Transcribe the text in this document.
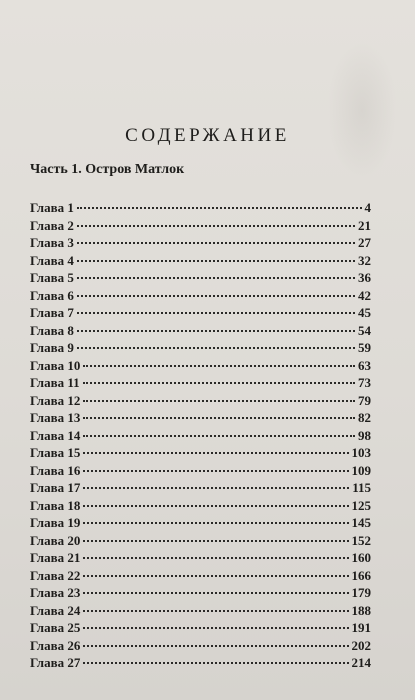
СОДЕРЖАНИЕ
Часть 1. Остров Матлок
Глава 1	4
Глава 2	21
Глава 3	27
Глава 4	32
Глава 5	36
Глава 6	42
Глава 7	45
Глава 8	54
Глава 9	59
Глава 10	63
Глава 11	73
Глава 12	79
Глава 13	82
Глава 14	98
Глава 15	103
Глава 16	109
Глава 17	115
Глава 18	125
Глава 19	145
Глава 20	152
Глава 21	160
Глава 22	166
Глава 23	179
Глава 24	188
Глава 25	191
Глава 26	202
Глава 27	214
